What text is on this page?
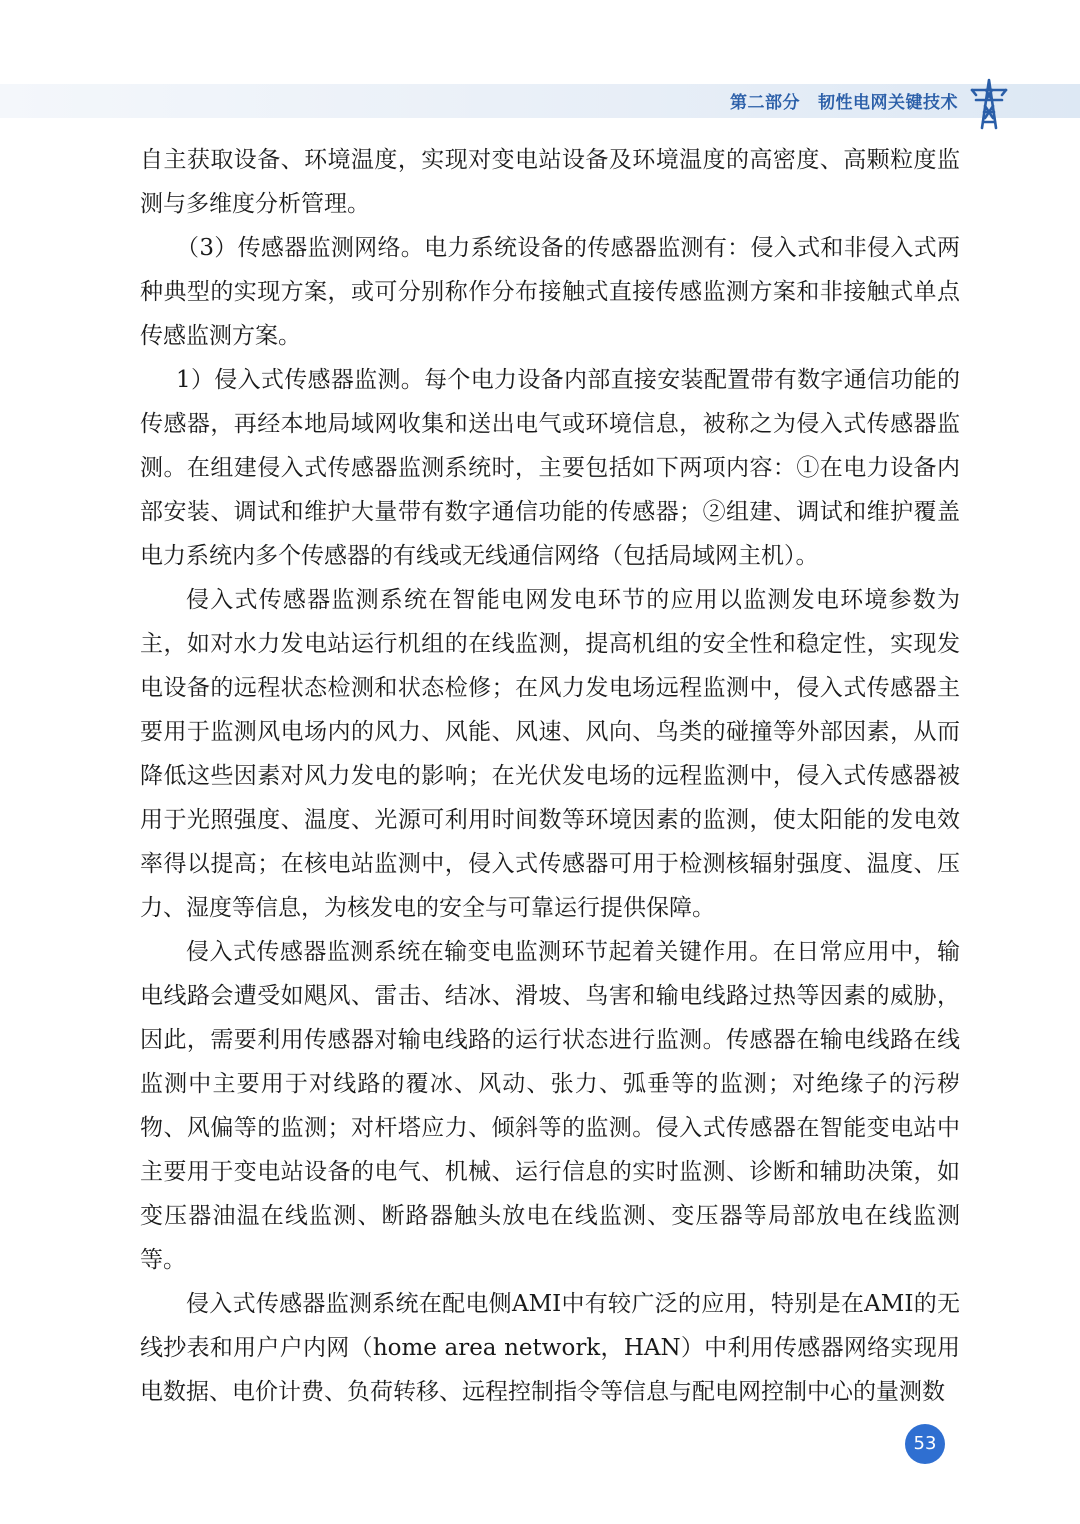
第二部分 韧性电网关键技术

自主获取设备、环境温度，实现对变电站设备及环境温度的高密度、高颗粒度监测与多维度分析管理。

（3）传感器监测网络。电力系统设备的传感器监测有：侵入式和非侵入式两种典型的实现方案，或可分别称作分布接触式直接传感监测方案和非接触式单点传感监测方案。

1）侵入式传感器监测。每个电力设备内部直接安装配置带有数字通信功能的传感器，再经本地局域网收集和送出电气或环境信息，被称之为侵入式传感器监测。在组建侵入式传感器监测系统时，主要包括如下两项内容：①在电力设备内部安装、调试和维护大量带有数字通信功能的传感器；②组建、调试和维护覆盖电力系统内多个传感器的有线或无线通信网络（包括局域网主机）。

侵入式传感器监测系统在智能电网发电环节的应用以监测发电环境参数为主，如对水力发电站运行机组的在线监测，提高机组的安全性和稳定性，实现发电设备的远程状态检测和状态检修；在风力发电场远程监测中，侵入式传感器主要用于监测风电场内的风力、风能、风速、风向、鸟类的碰撞等外部因素，从而降低这些因素对风力发电的影响；在光伏发电场的远程监测中，侵入式传感器被用于光照强度、温度、光源可利用时间数等环境因素的监测，使太阳能的发电效率得以提高；在核电站监测中，侵入式传感器可用于检测核辐射强度、温度、压力、湿度等信息，为核发电的安全与可靠运行提供保障。

侵入式传感器监测系统在输变电监测环节起着关键作用。在日常应用中，输电线路会遭受如飓风、雷击、结冰、滑坡、鸟害和输电线路过热等因素的威胁，因此，需要利用传感器对输电线路的运行状态进行监测。传感器在输电线路在线监测中主要用于对线路的覆冰、风动、张力、弧垂等的监测；对绝缘子的污秽物、风偏等的监测；对杆塔应力、倾斜等的监测。侵入式传感器在智能变电站中主要用于变电站设备的电气、机械、运行信息的实时监测、诊断和辅助决策，如变压器油温在线监测、断路器触头放电在线监测、变压器等局部放电在线监测等。

侵入式传感器监测系统在配电侧AMI中有较广泛的应用，特别是在AMI的无线抄表和用户户内网（home area network，HAN）中利用传感器网络实现用电数据、电价计费、负荷转移、远程控制指令等信息与配电网控制中心的量测数

53
